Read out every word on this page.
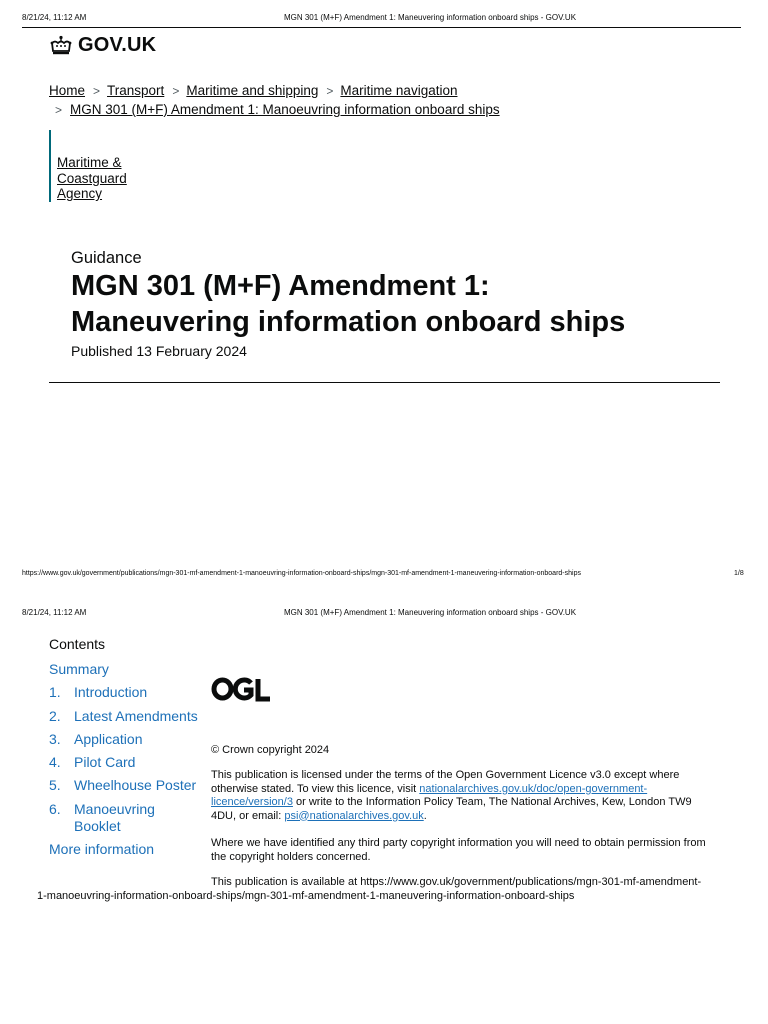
8/21/24, 11:12 AM	MGN 301 (M+F) Amendment 1: Maneuvering information onboard ships - GOV.UK
GOV.UK
Home > Transport > Maritime and shipping > Maritime navigation
> MGN 301 (M+F) Amendment 1: Manoeuvring information onboard ships
Maritime &
Coastguard
Agency
Guidance
MGN 301 (M+F) Amendment 1:
Maneuvering information onboard ships
Published 13 February 2024
https://www.gov.uk/government/publications/mgn-301-mf-amendment-1-manoeuvring-information-onboard-ships/mgn-301-mf-amendment-1-maneuvering-information-onboard-ships	1/8
8/21/24, 11:12 AM	MGN 301 (M+F) Amendment 1: Maneuvering information onboard ships - GOV.UK
Contents
Summary
1. Introduction
2. Latest Amendments
3. Application
4. Pilot Card
5. Wheelhouse Poster
6. Manoeuvring
Booklet
More information
© Crown copyright 2024
This publication is licensed under the terms of the Open Government Licence v3.0 except where
otherwise stated. To view this licence, visit nationalarchives.gov.uk/doc/open-government-
licence/version/3 or write to the Information Policy Team, The National Archives, Kew, London TW9
4DU, or email: psi@nationalarchives.gov.uk.
Where we have identified any third party copyright information you will need to obtain permission from
the copyright holders concerned.
This publication is available at https://www.gov.uk/government/publications/mgn-301-mf-amendment-
1-manoeuvring-information-onboard-ships/mgn-301-mf-amendment-1-maneuvering-information-onboard-ships
